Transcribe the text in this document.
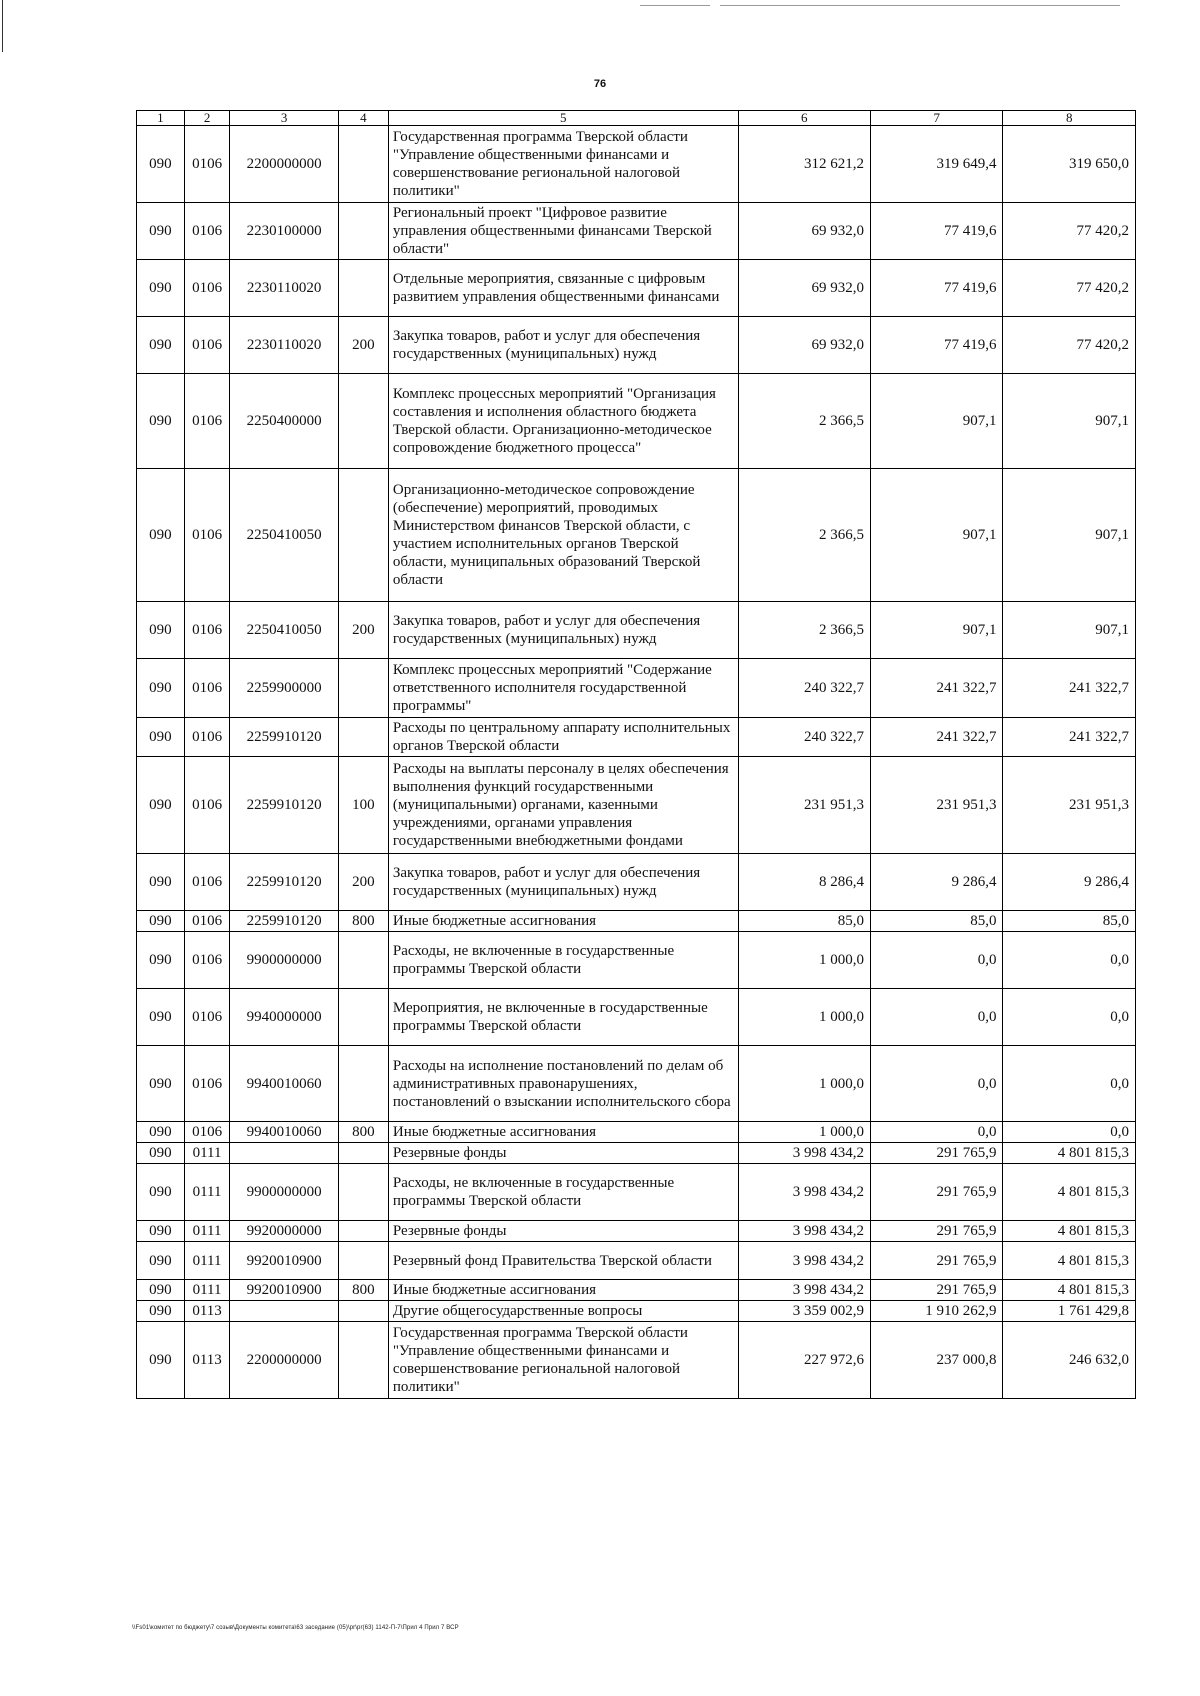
76
1	2	3	4	5	6	7	8
090	0106	2200000000		Государственная программа Тверской области "Управление общественными финансами и совершенствование региональной налоговой политики"	312 621,2	319 649,4	319 650,0
090	0106	2230100000		Региональный проект "Цифровое развитие управления общественными финансами Тверской области"	69 932,0	77 419,6	77 420,2
090	0106	2230110020		Отдельные мероприятия, связанные с цифровым развитием управления общественными финансами	69 932,0	77 419,6	77 420,2
090	0106	2230110020	200	Закупка товаров, работ и услуг для обеспечения государственных (муниципальных) нужд	69 932,0	77 419,6	77 420,2
090	0106	2250400000		Комплекс процессных мероприятий "Организация составления и исполнения областного бюджета Тверской области. Организационно-методическое сопровождение бюджетного процесса"	2 366,5	907,1	907,1
090	0106	2250410050		Организационно-методическое сопровождение (обеспечение) мероприятий, проводимых Министерством финансов Тверской области, с участием исполнительных органов Тверской области, муниципальных образований Тверской области	2 366,5	907,1	907,1
090	0106	2250410050	200	Закупка товаров, работ и услуг для обеспечения государственных (муниципальных) нужд	2 366,5	907,1	907,1
090	0106	2259900000		Комплекс процессных мероприятий "Содержание ответственного исполнителя государственной программы"	240 322,7	241 322,7	241 322,7
090	0106	2259910120		Расходы по центральному аппарату исполнительных органов Тверской области	240 322,7	241 322,7	241 322,7
090	0106	2259910120	100	Расходы на выплаты персоналу в целях обеспечения выполнения функций государственными (муниципальными) органами, казенными учреждениями, органами управления государственными внебюджетными фондами	231 951,3	231 951,3	231 951,3
090	0106	2259910120	200	Закупка товаров, работ и услуг для обеспечения государственных (муниципальных) нужд	8 286,4	9 286,4	9 286,4
090	0106	2259910120	800	Иные бюджетные ассигнования	85,0	85,0	85,0
090	0106	9900000000		Расходы, не включенные в государственные программы Тверской области	1 000,0	0,0	0,0
090	0106	9940000000		Мероприятия, не включенные в государственные программы Тверской области	1 000,0	0,0	0,0
090	0106	9940010060		Расходы на исполнение постановлений по делам об административных правонарушениях, постановлений о взыскании исполнительского сбора	1 000,0	0,0	0,0
090	0106	9940010060	800	Иные бюджетные ассигнования	1 000,0	0,0	0,0
090	0111			Резервные фонды	3 998 434,2	291 765,9	4 801 815,3
090	0111	9900000000		Расходы, не включенные в государственные программы Тверской области	3 998 434,2	291 765,9	4 801 815,3
090	0111	9920000000		Резервные фонды	3 998 434,2	291 765,9	4 801 815,3
090	0111	9920010900		Резервный фонд Правительства Тверской области	3 998 434,2	291 765,9	4 801 815,3
090	0111	9920010900	800	Иные бюджетные ассигнования	3 998 434,2	291 765,9	4 801 815,3
090	0113			Другие общегосударственные вопросы	3 359 002,9	1 910 262,9	1 761 429,8
090	0113	2200000000		Государственная программа Тверской области "Управление общественными финансами и совершенствование региональной налоговой политики"	227 972,6	237 000,8	246 632,0
\\Fs01\комитет по бюджету\7 созыв\Документы комитета\63 заседание (05)\pr\pr(63) 1142-П-7\Прил 4 Прил 7 ВСР
